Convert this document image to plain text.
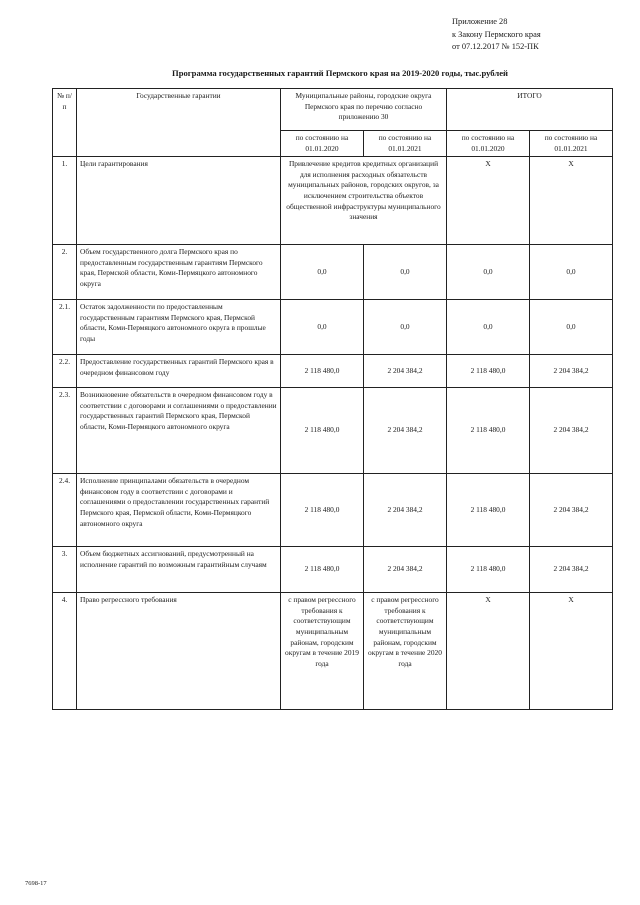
Приложение 28
к Закону Пермского края
от 07.12.2017 № 152-ПК
Программа государственных гарантий Пермского края на 2019-2020 годы, тыс.рублей
№ п/п	Государственные гарантии	Муниципальные районы, городские округа Пермского края по перечню согласно приложению 30		ИТОГО	
		по состоянию на 01.01.2020	по состоянию на 01.01.2021	по состоянию на 01.01.2020	по состоянию на 01.01.2021
1.	Цели гарантирования	Привлечение кредитов кредитных организаций для исполнения расходных обязательств муниципальных районов, городских округов, за исключением строительства объектов общественной инфраструктуры муниципального значения		Х	Х
2.	Объем государственного долга Пермского края по предоставленным государственным гарантиям Пермского края, Пермской области, Коми-Пермяцкого автономного округа	0,0	0,0	0,0	0,0
2.1.	Остаток задолженности по предоставленным государственным гарантиям Пермского края, Пермской области, Коми-Пермяцкого автономного округа в прошлые годы	0,0	0,0	0,0	0,0
2.2.	Предоставление государственных гарантий Пермского края в очередном финансовом году	2 118 480,0	2 204 384,2	2 118 480,0	2 204 384,2
2.3.	Возникновение обязательств в очередном финансовом году в соответствии с договорами и соглашениями о предоставлении государственных гарантий Пермского края, Пермской области, Коми-Пермяцкого автономного округа	2 118 480,0	2 204 384,2	2 118 480,0	2 204 384,2
2.4.	Исполнение принципалами обязательств в очередном финансовом году в соответствии с договорами и соглашениями о предоставлении государственных гарантий Пермского края, Пермской области, Коми-Пермяцкого автономного округа	2 118 480,0	2 204 384,2	2 118 480,0	2 204 384,2
3.	Объем бюджетных ассигнований, предусмотренный на исполнение гарантий по возможным гарантийным случаям	2 118 480,0	2 204 384,2	2 118 480,0	2 204 384,2
4.	Право регрессного требования	с правом регрессного требования к соответствующим муниципальным районам, городским округам в течение 2019 года	с правом регрессного требования к соответствующим муниципальным районам, городским округам в течение 2020 года	Х	Х
7698-17
